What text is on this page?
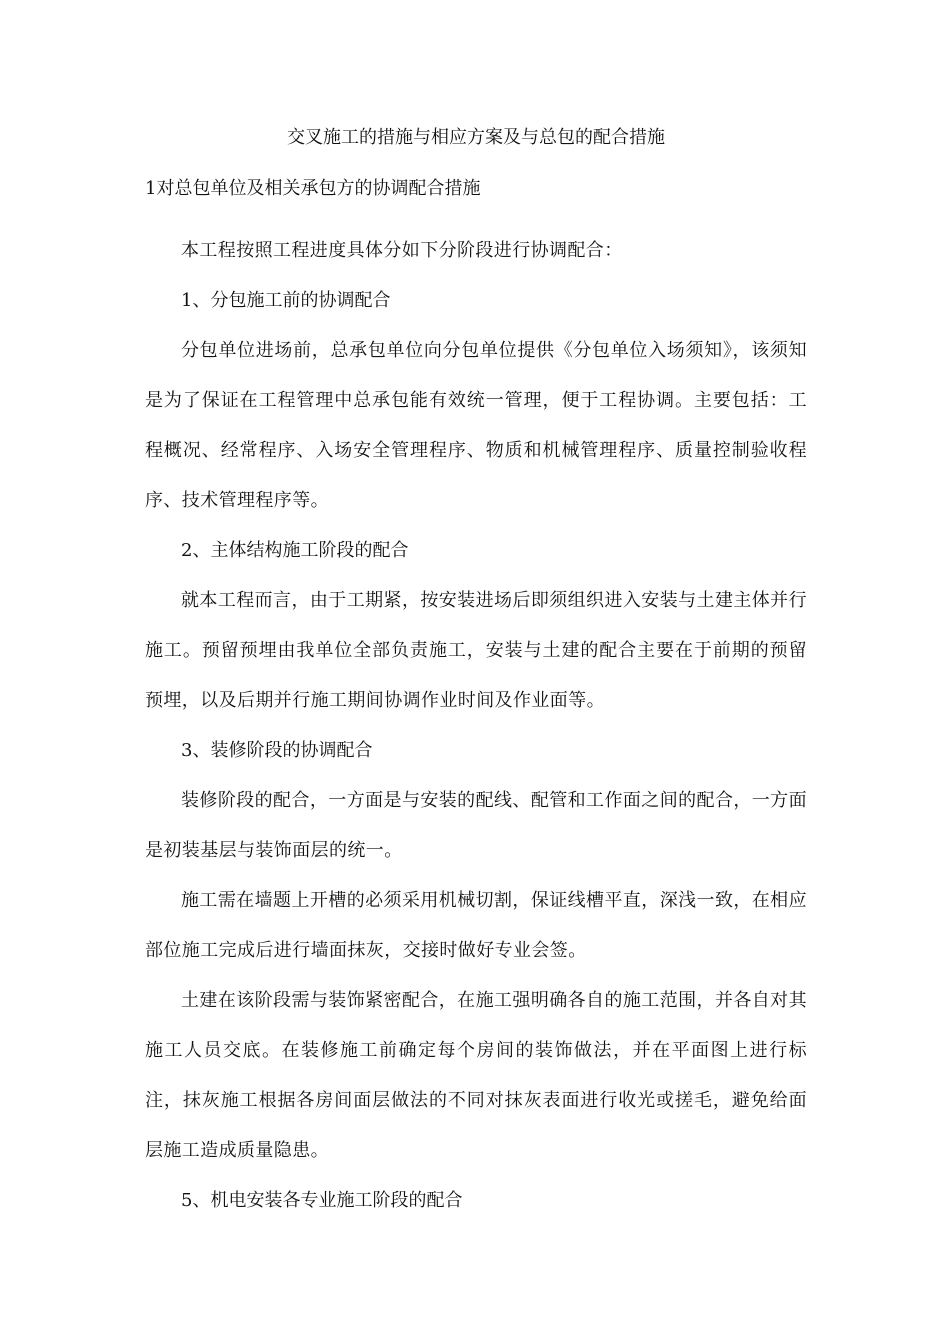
交叉施工的措施与相应方案及与总包的配合措施
1对总包单位及相关承包方的协调配合措施

本工程按照工程进度具体分如下分阶段进行协调配合：

1、分包施工前的协调配合

分包单位进场前，总承包单位向分包单位提供《分包单位入场须知》，该须知是为了保证在工程管理中总承包能有效统一管理，便于工程协调。主要包括：工程概况、经常程序、入场安全管理程序、物质和机械管理程序、质量控制验收程序、技术管理程序等。

2、主体结构施工阶段的配合

就本工程而言，由于工期紧，按安装进场后即须组织进入安装与土建主体并行施工。预留预埋由我单位全部负责施工，安装与土建的配合主要在于前期的预留预埋，以及后期并行施工期间协调作业时间及作业面等。

3、装修阶段的协调配合

装修阶段的配合，一方面是与安装的配线、配管和工作面之间的配合，一方面是初装基层与装饰面层的统一。

施工需在墙题上开槽的必须采用机械切割，保证线槽平直，深浅一致，在相应部位施工完成后进行墙面抹灰，交接时做好专业会签。

土建在该阶段需与装饰紧密配合，在施工强明确各自的施工范围，并各自对其施工人员交底。在装修施工前确定每个房间的装饰做法，并在平面图上进行标注，抹灰施工根据各房间面层做法的不同对抹灰表面进行收光或搓毛，避免给面层施工造成质量隐患。

5、机电安装各专业施工阶段的配合
